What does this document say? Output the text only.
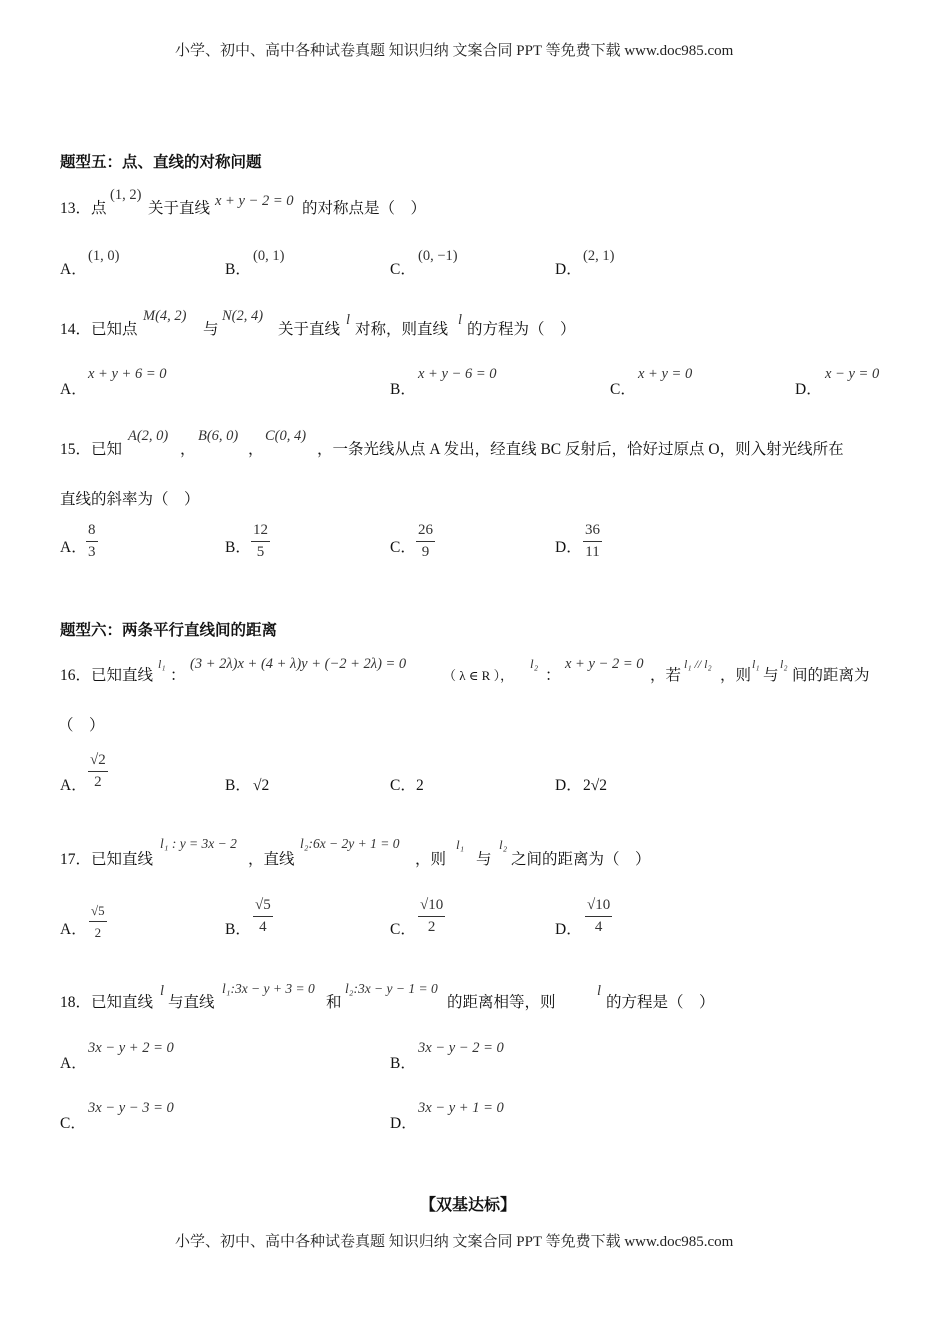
小学、初中、高中各种试卷真题 知识归纳 文案合同 PPT 等免费下载 www.doc985.com
题型五：点、直线的对称问题
13．点
(1, 2)
关于直线 x + y − 2 = 0 的对称点是（　）
A．
(1, 0)
B．
(0, 1)
C．
(0, −1)
D．
(2, 1)
14．已知点
M(4, 2)
与
N(2, 4)
关于直线
l
对称，则直线
l
的方程为（　）
A．
x + y + 6 = 0
B．
x + y − 6 = 0
C．
x + y = 0
D．
x − y = 0
15．已知
A(2, 0)
，
B(6, 0)
，
C(0, 4)
，一条光线从点 A 发出，经直线 BC 反射后，恰好过原点 O，则入射光线所在
直线的斜率为（　）
A． $\frac{8}{3}$	B． $\frac{12}{5}$	C． $\frac{26}{9}$	D． $\frac{36}{11}$
题型六：两条平行直线间的距离
16．已知直线
l₁
：
(3 + 2λ)x + (4 + λ)y + (−2 + 2λ) = 0
（ λ ∈ R ），
l₂
：
x + y − 2 = 0
，若
l₁ // l₂
，则
l₁
与
l₂
间的距离为
（　）
A． $\frac{√2}{2}$	B． √2	C． 2	D． 2√2
17．已知直线
l₁ : y = 3x − 2
，直线
l₂:6x − 2y + 1 = 0
，则
l₁
与
l₂
之间的距离为（　）
A． $\frac{√5}{2}$	B． $\frac{√5}{4}$	C． $\frac{√10}{2}$	D． $\frac{√10}{4}$
18．已知直线
l
与直线
l₁:3x − y + 3 = 0
和
l₂:3x − y − 1 = 0
的距离相等，则
l
的方程是（　）
A．
3x − y + 2 = 0
B．
3x − y − 2 = 0
C．
3x − y − 3 = 0
D．
3x − y + 1 = 0
【双基达标】
小学、初中、高中各种试卷真题 知识归纳 文案合同 PPT 等免费下载 www.doc985.com
